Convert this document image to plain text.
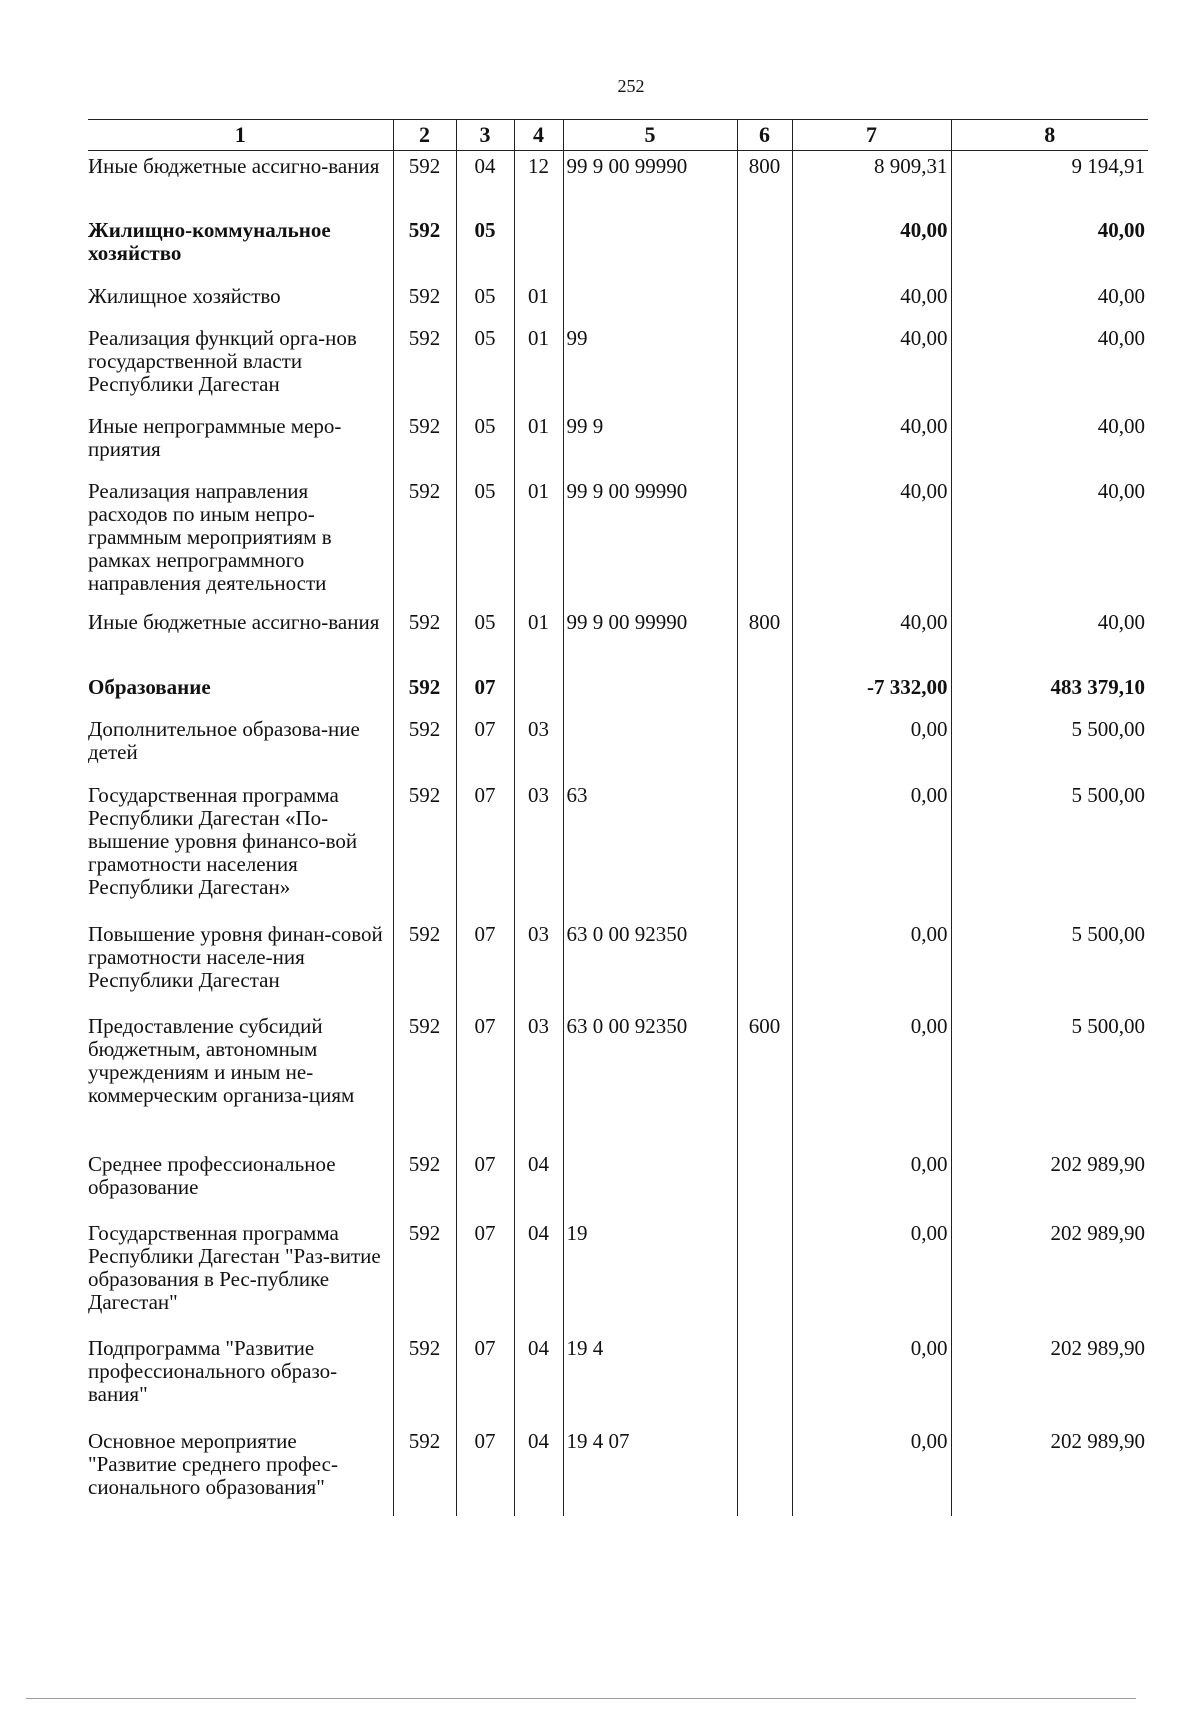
252
1	2	3	4	5	6	7	8

Иные бюджетные ассигно-вания	592	04	12	99 9 00 99990	800	8 909,31	9 194,91

Жилищно-коммунальное хозяйство	592	05				40,00	40,00

Жилищное хозяйство	592	05	01			40,00	40,00

Реализация функций орга-нов государственной власти Республики Дагестан	592	05	01	99		40,00	40,00

Иные непрограммные меро-приятия	592	05	01	99 9		40,00	40,00

Реализация направления расходов по иным непро-граммным мероприятиям в рамках непрограммного направления деятельности	592	05	01	99 9 00 99990		40,00	40,00

Иные бюджетные ассигно-вания	592	05	01	99 9 00 99990	800	40,00	40,00

Образование	592	07				-7 332,00	483 379,10

Дополнительное образова-ние детей	592	07	03			0,00	5 500,00

Государственная программа Республики Дагестан «По-вышение уровня финансо-вой грамотности населения Республики Дагестан»	592	07	03	63		0,00	5 500,00

Повышение уровня финан-совой грамотности населе-ния Республики Дагестан	592	07	03	63 0 00 92350		0,00	5 500,00

Предоставление субсидий бюджетным, автономным учреждениям и иным не-коммерческим организа-циям	592	07	03	63 0 00 92350	600	0,00	5 500,00

Среднее профессиональное образование	592	07	04			0,00	202 989,90

Государственная программа Республики Дагестан "Раз-витие образования в Рес-публике Дагестан"	592	07	04	19		0,00	202 989,90

Подпрограмма "Развитие профессионального образо-вания"	592	07	04	19 4		0,00	202 989,90

Основное мероприятие "Развитие среднего профес-сионального образования"	592	07	04	19 4 07		0,00	202 989,90
